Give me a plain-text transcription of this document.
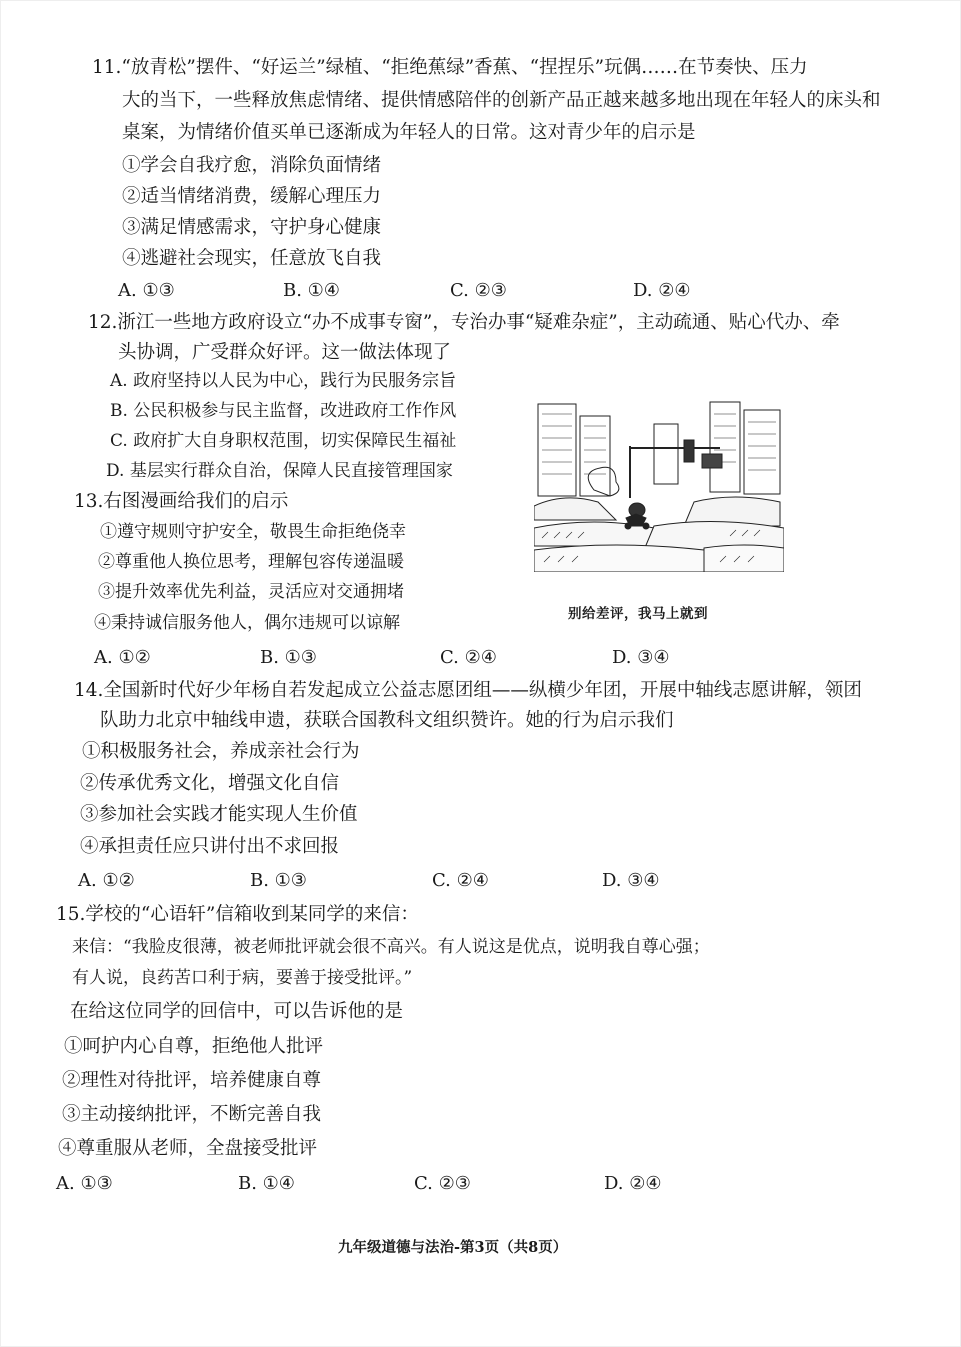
11.“放青松”摆件、“好运兰”绿植、“拒绝蕉绿”香蕉、“捏捏乐”玩偶……在节奏快、压力
大的当下，一些释放焦虑情绪、提供情感陪伴的创新产品正越来越多地出现在年轻人的床头和
桌案，为情绪价值买单已逐渐成为年轻人的日常。这对青少年的启示是
①学会自我疗愈，消除负面情绪
②适当情绪消费，缓解心理压力
③满足情感需求，守护身心健康
④逃避社会现实，任意放飞自我
A. ①③	B. ①④	C. ②③	D. ②④
12.浙江一些地方政府设立“办不成事专窗”，专治办事“疑难杂症”，主动疏通、贴心代办、牵
头协调，广受群众好评。这一做法体现了
A. 政府坚持以人民为中心，践行为民服务宗旨
B. 公民积极参与民主监督，改进政府工作作风
C. 政府扩大自身职权范围，切实保障民生福祉
D. 基层实行群众自治，保障人民直接管理国家
别给差评，我马上就到
13.右图漫画给我们的启示
①遵守规则守护安全，敬畏生命拒绝侥幸
②尊重他人换位思考，理解包容传递温暖
③提升效率优先利益，灵活应对交通拥堵
④秉持诚信服务他人，偶尔违规可以谅解
A. ①②	B. ①③	C. ②④	D. ③④
14.全国新时代好少年杨自若发起成立公益志愿团组——纵横少年团，开展中轴线志愿讲解，领团
队助力北京中轴线申遗，获联合国教科文组织赞许。她的行为启示我们
①积极服务社会，养成亲社会行为
②传承优秀文化，增强文化自信
③参加社会实践才能实现人生价值
④承担责任应只讲付出不求回报
A. ①②	B. ①③	C. ②④	D. ③④
15.学校的“心语轩”信箱收到某同学的来信：
来信：“我脸皮很薄，被老师批评就会很不高兴。有人说这是优点，说明我自尊心强；
有人说，良药苦口利于病，要善于接受批评。”
在给这位同学的回信中，可以告诉他的是
①呵护内心自尊，拒绝他人批评
②理性对待批评，培养健康自尊
③主动接纳批评，不断完善自我
④尊重服从老师，全盘接受批评
A. ①③	B. ①④	C. ②③	D. ②④
九年级道德与法治-第3页（共8页）
